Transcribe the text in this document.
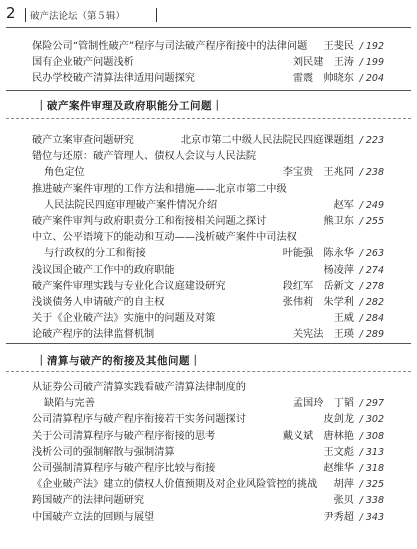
2 破产法论坛（第５辑）
保险公司“管制性破产”程序与司法破产程序衔接中的法律问题 王斐民 / 192
国有企业破产问题浅析	刘民建　王涛 / 199
民办学校破产清算法律适用问题探究	雷震　帅晓东 / 204
｜破产案件审理及政府职能分工问题｜
破产立案审查问题研究	北京市第二中级人民法院民四庭课题组 / 223
错位与还原：破产管理人、债权人会议与人民法院
角色定位	李宝贵　王兆同 / 238
推进破产案件审理的工作方法和措施——北京市第二中级
人民法院民四庭审理破产案件情况介绍	赵军 / 249
破产案件审判与政府职责分工和衔接相关问题之探讨	熊卫东 / 255
中立、公平语境下的能动和互动——浅析破产案件中司法权
与行政权的分工和衔接	叶能强　陈永华 / 263
浅议国企破产工作中的政府职能	杨凌萍 / 274
破产案件审理实践与专业化合议庭建设研究	段红军　岳新文 / 278
浅谈债务人申请破产的自主权	张伟莉　朱学利 / 282
关于《企业破产法》实施中的问题及对策	王威 / 284
论破产程序的法律监督机制	关宪法　王瑛 / 289
｜清算与破产的衔接及其他问题｜
从证券公司破产清算实践看破产清算法律制度的
缺陷与完善	孟国玲　丁韬 / 297
公司清算程序与破产程序衔接若干实务问题探讨	皮剑龙 / 302
关于公司清算程序与破产程序衔接的思考	戴义斌　唐林艳 / 308
浅析公司的强制解散与强制清算	王文彪 / 313
公司强制清算程序与破产程序比较与衔接	赵维华 / 318
《企业破产法》建立的债权人价值预期及对企业风险管控的挑战 胡萍 / 325
跨国破产的法律问题研究	张贝 / 338
中国破产立法的回顾与展望	尹秀超 / 343
